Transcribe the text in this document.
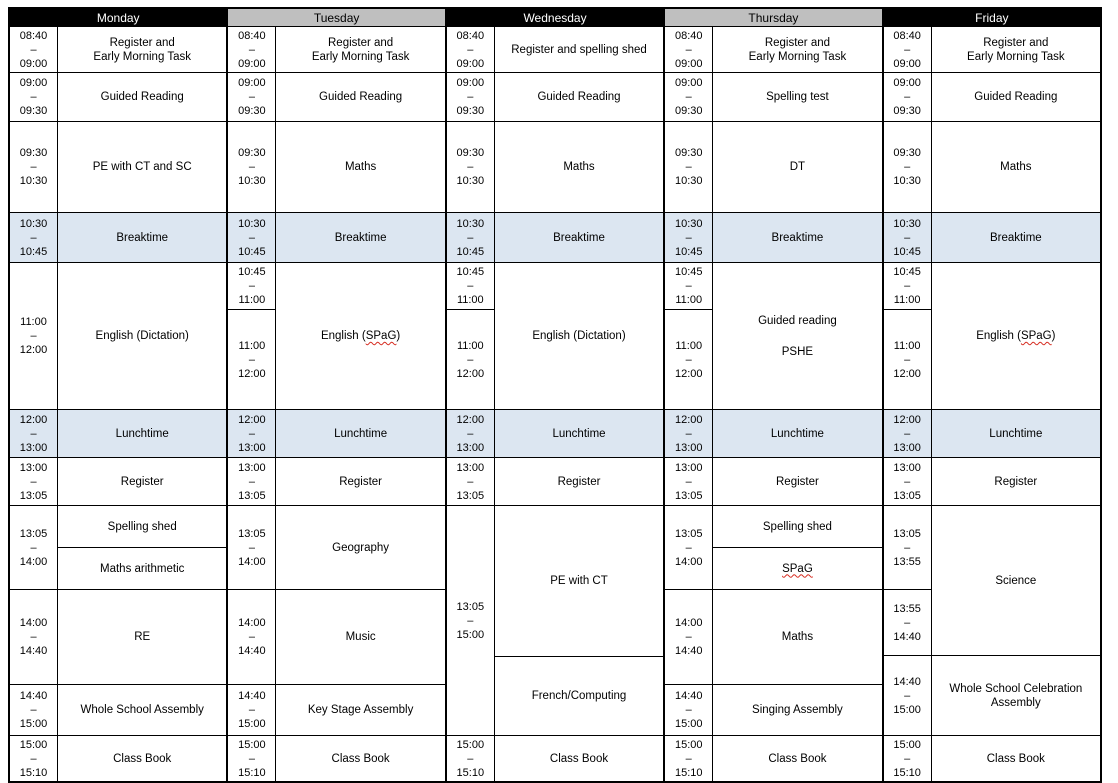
Monday
08:40
–
09:00
Register and
Early Morning Task
09:00
–
09:30
Guided Reading
09:30
–
10:30
PE with CT and SC
10:30
–
10:45
Breaktime
11:00
–
12:00
English (Dictation)
12:00
–
13:00
Lunchtime
13:00
–
13:05
Register
13:05
–
14:00
14:00
–
14:40
14:40
–
15:00
Spelling shed
Maths arithmetic
RE
Whole School Assembly
15:00
–
15:10
Class Book
Tuesday
08:40
–
09:00
Register and
Early Morning Task
09:00
–
09:30
Guided Reading
09:30
–
10:30
Maths
10:30
–
10:45
Breaktime
10:45
–
11:00
11:00
–
12:00
English (SPaG)
12:00
–
13:00
Lunchtime
13:00
–
13:05
Register
13:05
–
14:00
14:00
–
14:40
14:40
–
15:00
Geography
Music
Key Stage Assembly
15:00
–
15:10
Class Book
Wednesday
08:40
–
09:00
Register and spelling shed
09:00
–
09:30
Guided Reading
09:30
–
10:30
Maths
10:30
–
10:45
Breaktime
10:45
–
11:00
11:00
–
12:00
English (Dictation)
12:00
–
13:00
Lunchtime
13:00
–
13:05
Register
13:05
–
15:00
PE with CT
French/Computing
15:00
–
15:10
Class Book
Thursday
08:40
–
09:00
Register and
Early Morning Task
09:00
–
09:30
Spelling test
09:30
–
10:30
DT
10:30
–
10:45
Breaktime
10:45
–
11:00
11:00
–
12:00
Guided reading

PSHE
12:00
–
13:00
Lunchtime
13:00
–
13:05
Register
13:05
–
14:00
14:00
–
14:40
14:40
–
15:00
Spelling shed
SPaG
Maths
Singing Assembly
15:00
–
15:10
Class Book
Friday
08:40
–
09:00
Register and
Early Morning Task
09:00
–
09:30
Guided Reading
09:30
–
10:30
Maths
10:30
–
10:45
Breaktime
10:45
–
11:00
11:00
–
12:00
English (SPaG)
12:00
–
13:00
Lunchtime
13:00
–
13:05
Register
13:05
–
13:55
13:55
–
14:40
14:40
–
15:00
Science
Whole School Celebration
Assembly
15:00
–
15:10
Class Book
